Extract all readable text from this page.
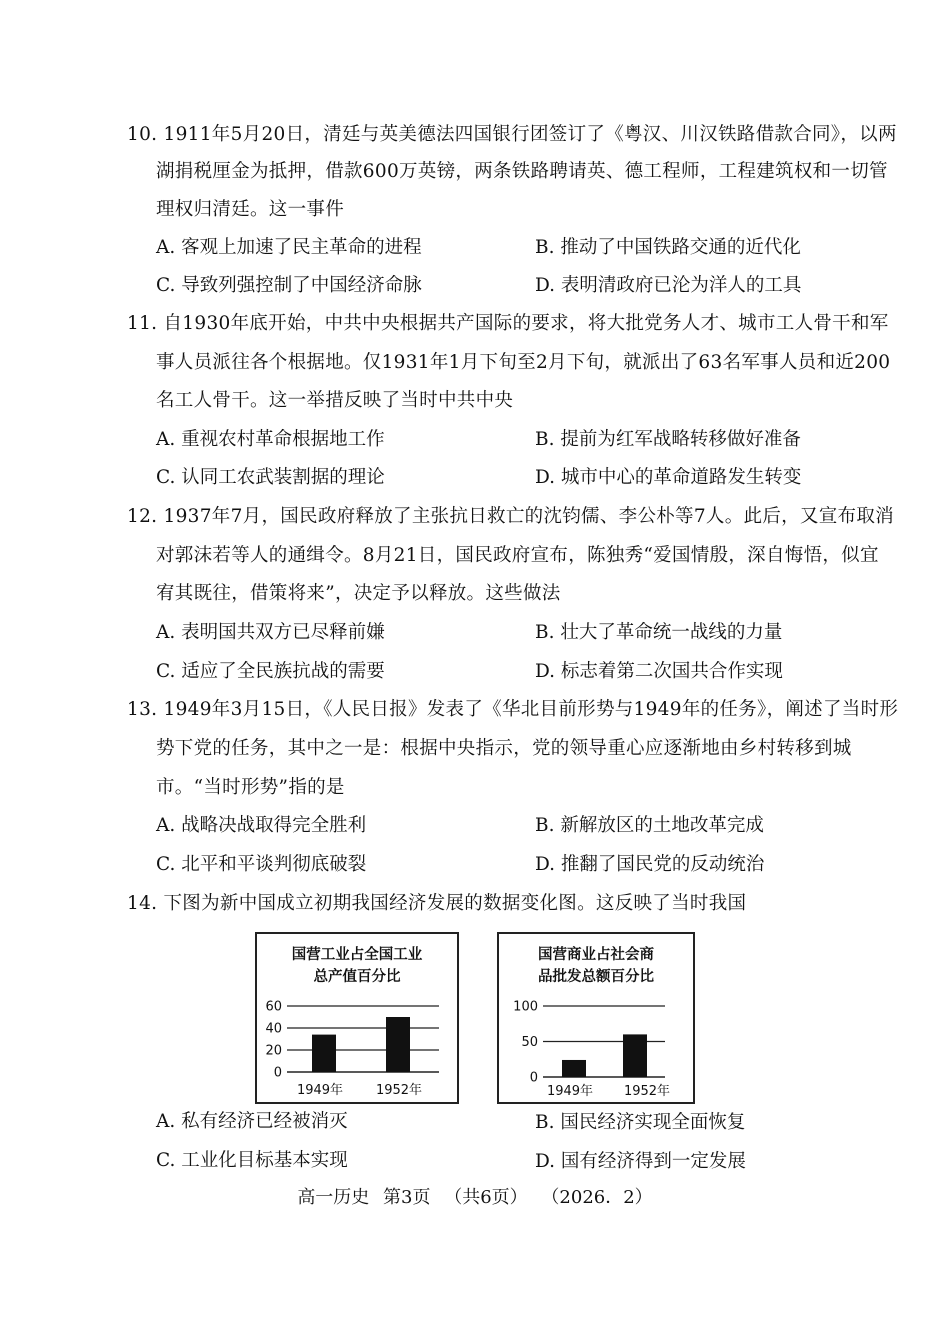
10. 1911年5月20日，清廷与英美德法四国银行团签订了《粤汉、川汉铁路借款合同》，以两
湖捐税厘金为抵押，借款600万英镑，两条铁路聘请英、德工程师，工程建筑权和一切管
理权归清廷。这一事件
A. 客观上加速了民主革命的进程	B. 推动了中国铁路交通的近代化
C. 导致列强控制了中国经济命脉	D. 表明清政府已沦为洋人的工具
11. 自1930年底开始，中共中央根据共产国际的要求，将大批党务人才、城市工人骨干和军
事人员派往各个根据地。仅1931年1月下旬至2月下旬，就派出了63名军事人员和近200
名工人骨干。这一举措反映了当时中共中央
A. 重视农村革命根据地工作	B. 提前为红军战略转移做好准备
C. 认同工农武装割据的理论	D. 城市中心的革命道路发生转变
12. 1937年7月，国民政府释放了主张抗日救亡的沈钧儒、李公朴等7人。此后，又宣布取消
对郭沫若等人的通缉令。8月21日，国民政府宣布，陈独秀“爱国情殷，深自悔悟，似宜
宥其既往，借策将来”，决定予以释放。这些做法
A. 表明国共双方已尽释前嫌	B. 壮大了革命统一战线的力量
C. 适应了全民族抗战的需要	D. 标志着第二次国共合作实现
13. 1949年3月15日，《人民日报》发表了《华北目前形势与1949年的任务》，阐述了当时形
势下党的任务，其中之一是：根据中央指示，党的领导重心应逐渐地由乡村转移到城
市。“当时形势”指的是
A. 战略决战取得完全胜利	B. 新解放区的土地改革完成
C. 北平和平谈判彻底破裂	D. 推翻了国民党的反动统治
14. 下图为新中国成立初期我国经济发展的数据变化图。这反映了当时我国
国营工业占全国工业
总产值百分比
60
40
20
0
1949年	1952年
国营商业占社会商
品批发总额百分比
100
50
0
1949年 1952年
A. 私有经济已经被消灭	B. 国民经济实现全面恢复
C. 工业化目标基本实现	D. 国有经济得到一定发展
高一历史 第3页 （共6页） （2026．2）
